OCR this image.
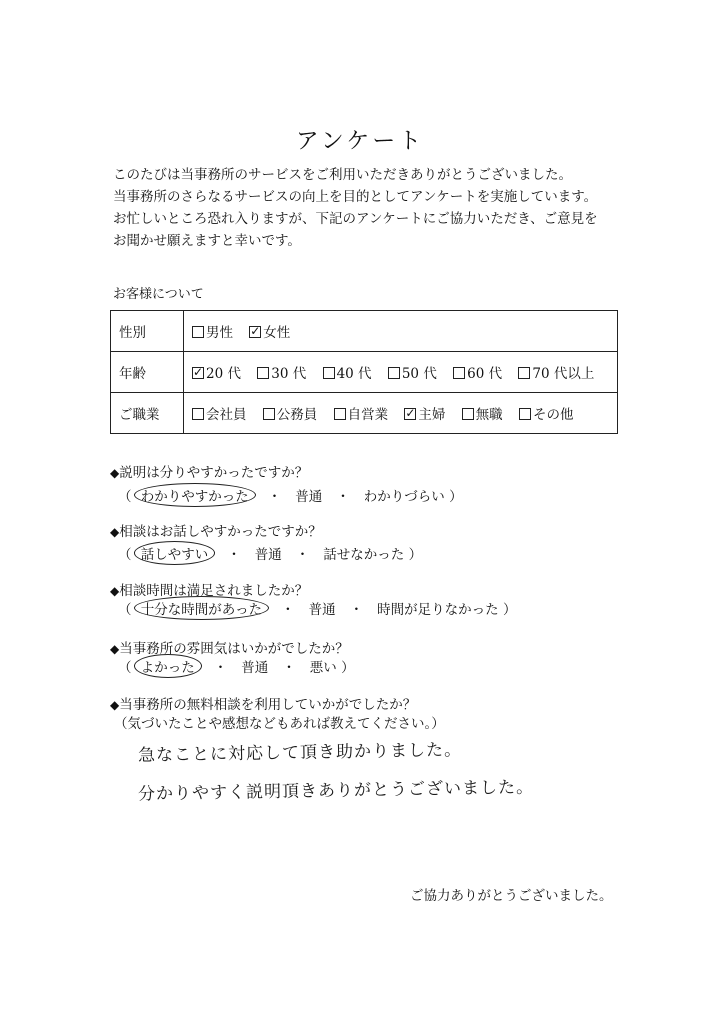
アンケート
このたびは当事務所のサービスをご利用いただきありがとうございました。
当事務所のさらなるサービスの向上を目的としてアンケートを実施しています。
お忙しいところ恐れ入りますが、下記のアンケートにご協力いただき、ご意見を
お聞かせ願えますと幸いです。
お客様について
性別	男性 ✓ 女性
年齢	✓20 代 30 代 40 代 50 代 60 代 70 代以上
ご職業	会社員 公務員 自営業 ✓ 主婦 無職 その他
◆説明は分りやすかったですか？
（ わかりやすかった ・ 普通 ・ わかりづらい ）
◆相談はお話しやすかったですか？
（ 話しやすい ・ 普通 ・ 話せなかった ）
◆相談時間は満足されましたか？
（ 十分な時間があった ・ 普通 ・ 時間が足りなかった ）
◆当事務所の雰囲気はいかがでしたか？
（ よかった ・ 普通 ・ 悪い ）
◆当事務所の無料相談を利用していかがでしたか？
（気づいたことや感想などもあれば教えてください。）
急なことに対応して頂き助かりました。
分かりやすく説明頂きありがとうございました。
ご協力ありがとうございました。
